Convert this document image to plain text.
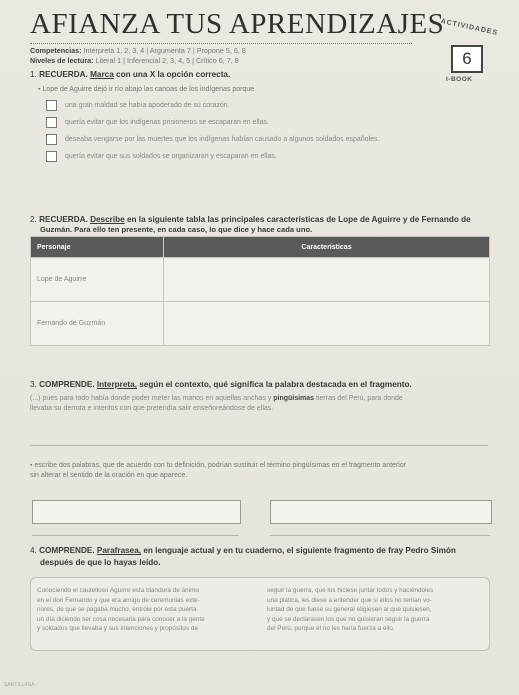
AFIANZA TUS APRENDIZAJES
Competencias: Interpreta 1, 2, 3, 4 | Argumenta 7 | Propone 5, 6, 8
Niveles de lectura: Literal 1 | Inferencial 2, 3, 4, 5 | Crítico 6, 7, 8
ACTIVIDADES
6
I-BOOK
1. RECUERDA. Marca con una X la opción correcta.
▪ Lope de Aguirre dejó ir río abajo las canoas de los indígenas porque
una gran maldad se había apoderado de su corazón.
quería evitar que los indígenas prisioneros se escaparan en ellas.
deseaba vengarse por las muertes que los indígenas habían causado a algunos soldados españoles.
quería evitar que sus soldados se organizaran y escaparan en ellas.
2. RECUERDA. Describe en la siguiente tabla las principales características de Lope de Aguirre y de Fernando de
Guzmán. Para ello ten presente, en cada caso, lo que dice y hace cada uno.
Personaje	Características
Lope de Aguirre	
Fernando de Guzmán	
3. COMPRENDE. Interpreta, según el contexto, qué significa la palabra destacada en el fragmento.
(...) pues para todo había donde poder meter las manos en aquellas anchas y pingüísimas tierras del Perú, para donde
llevaba su derrota e intentos con que pretendía salir enseñoreándose de ellas.
▪ escribe dos palabras, que de acuerdo con tu definición, podrían sustituir el término pingüísimas en el fragmento anterior
sin alterar el sentido de la oración en que aparece.
4. COMPRENDE. Parafrasea, en lenguaje actual y en tu cuaderno, el siguiente fragmento de fray Pedro Simón
después de que lo hayas leído.
Conociendo el cautelloso Aguirre esta blandura de ánimo
en el don Fernando y que era amigo de ceremonias exte-
riores, de que se pagaba mucho, entróle por esta puerta
un día diciendo ser cosa necesaria para conocer a la gente
y soldados que llevaba y sus intenciones y propósitos de
seguir la guerra, que los hiciese juntar todos y haciéndoles
una plática, les diese a entender que si ellos no tenían vo-
luntad de que fuese su general eligiesen al que quisiesen,
y que se declarasen los que no quisieran seguir la guerra
del Perú, porque él no les haría fuerza a ello.
SANTILLANA
